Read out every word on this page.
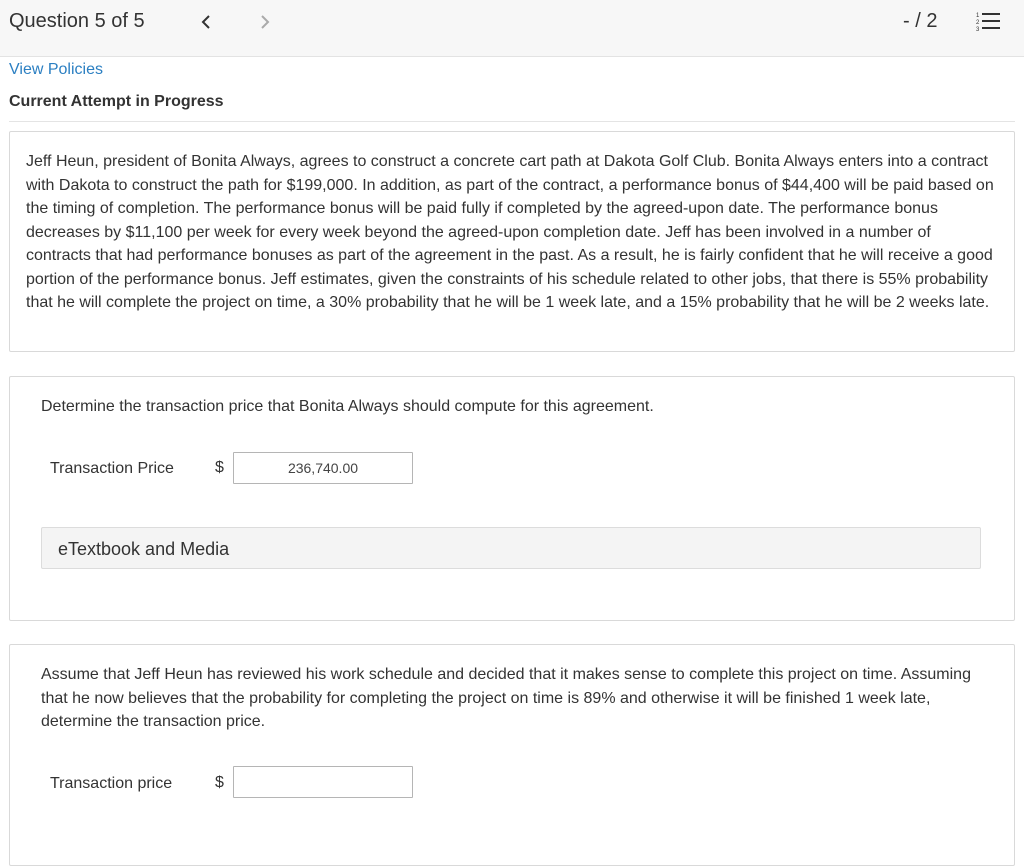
Question 5 of 5	- / 2	1
2
3
View Policies
Current Attempt in Progress
Jeff Heun, president of Bonita Always, agrees to construct a concrete cart path at Dakota Golf Club. Bonita Always enters into a contract with Dakota to construct the path for $199,000. In addition, as part of the contract, a performance bonus of $44,400 will be paid based on the timing of completion. The performance bonus will be paid fully if completed by the agreed-upon date. The performance bonus decreases by $11,100 per week for every week beyond the agreed-upon completion date. Jeff has been involved in a number of contracts that had performance bonuses as part of the agreement in the past. As a result, he is fairly confident that he will receive a good portion of the performance bonus. Jeff estimates, given the constraints of his schedule related to other jobs, that there is 55% probability that he will complete the project on time, a 30% probability that he will be 1 week late, and a 15% probability that he will be 2 weeks late.
Determine the transaction price that Bonita Always should compute for this agreement.
Transaction Price	$
236,740.00
eTextbook and Media
Assume that Jeff Heun has reviewed his work schedule and decided that it makes sense to complete this project on time. Assuming that he now believes that the probability for completing the project on time is 89% and otherwise it will be finished 1 week late, determine the transaction price.
Transaction price	$
